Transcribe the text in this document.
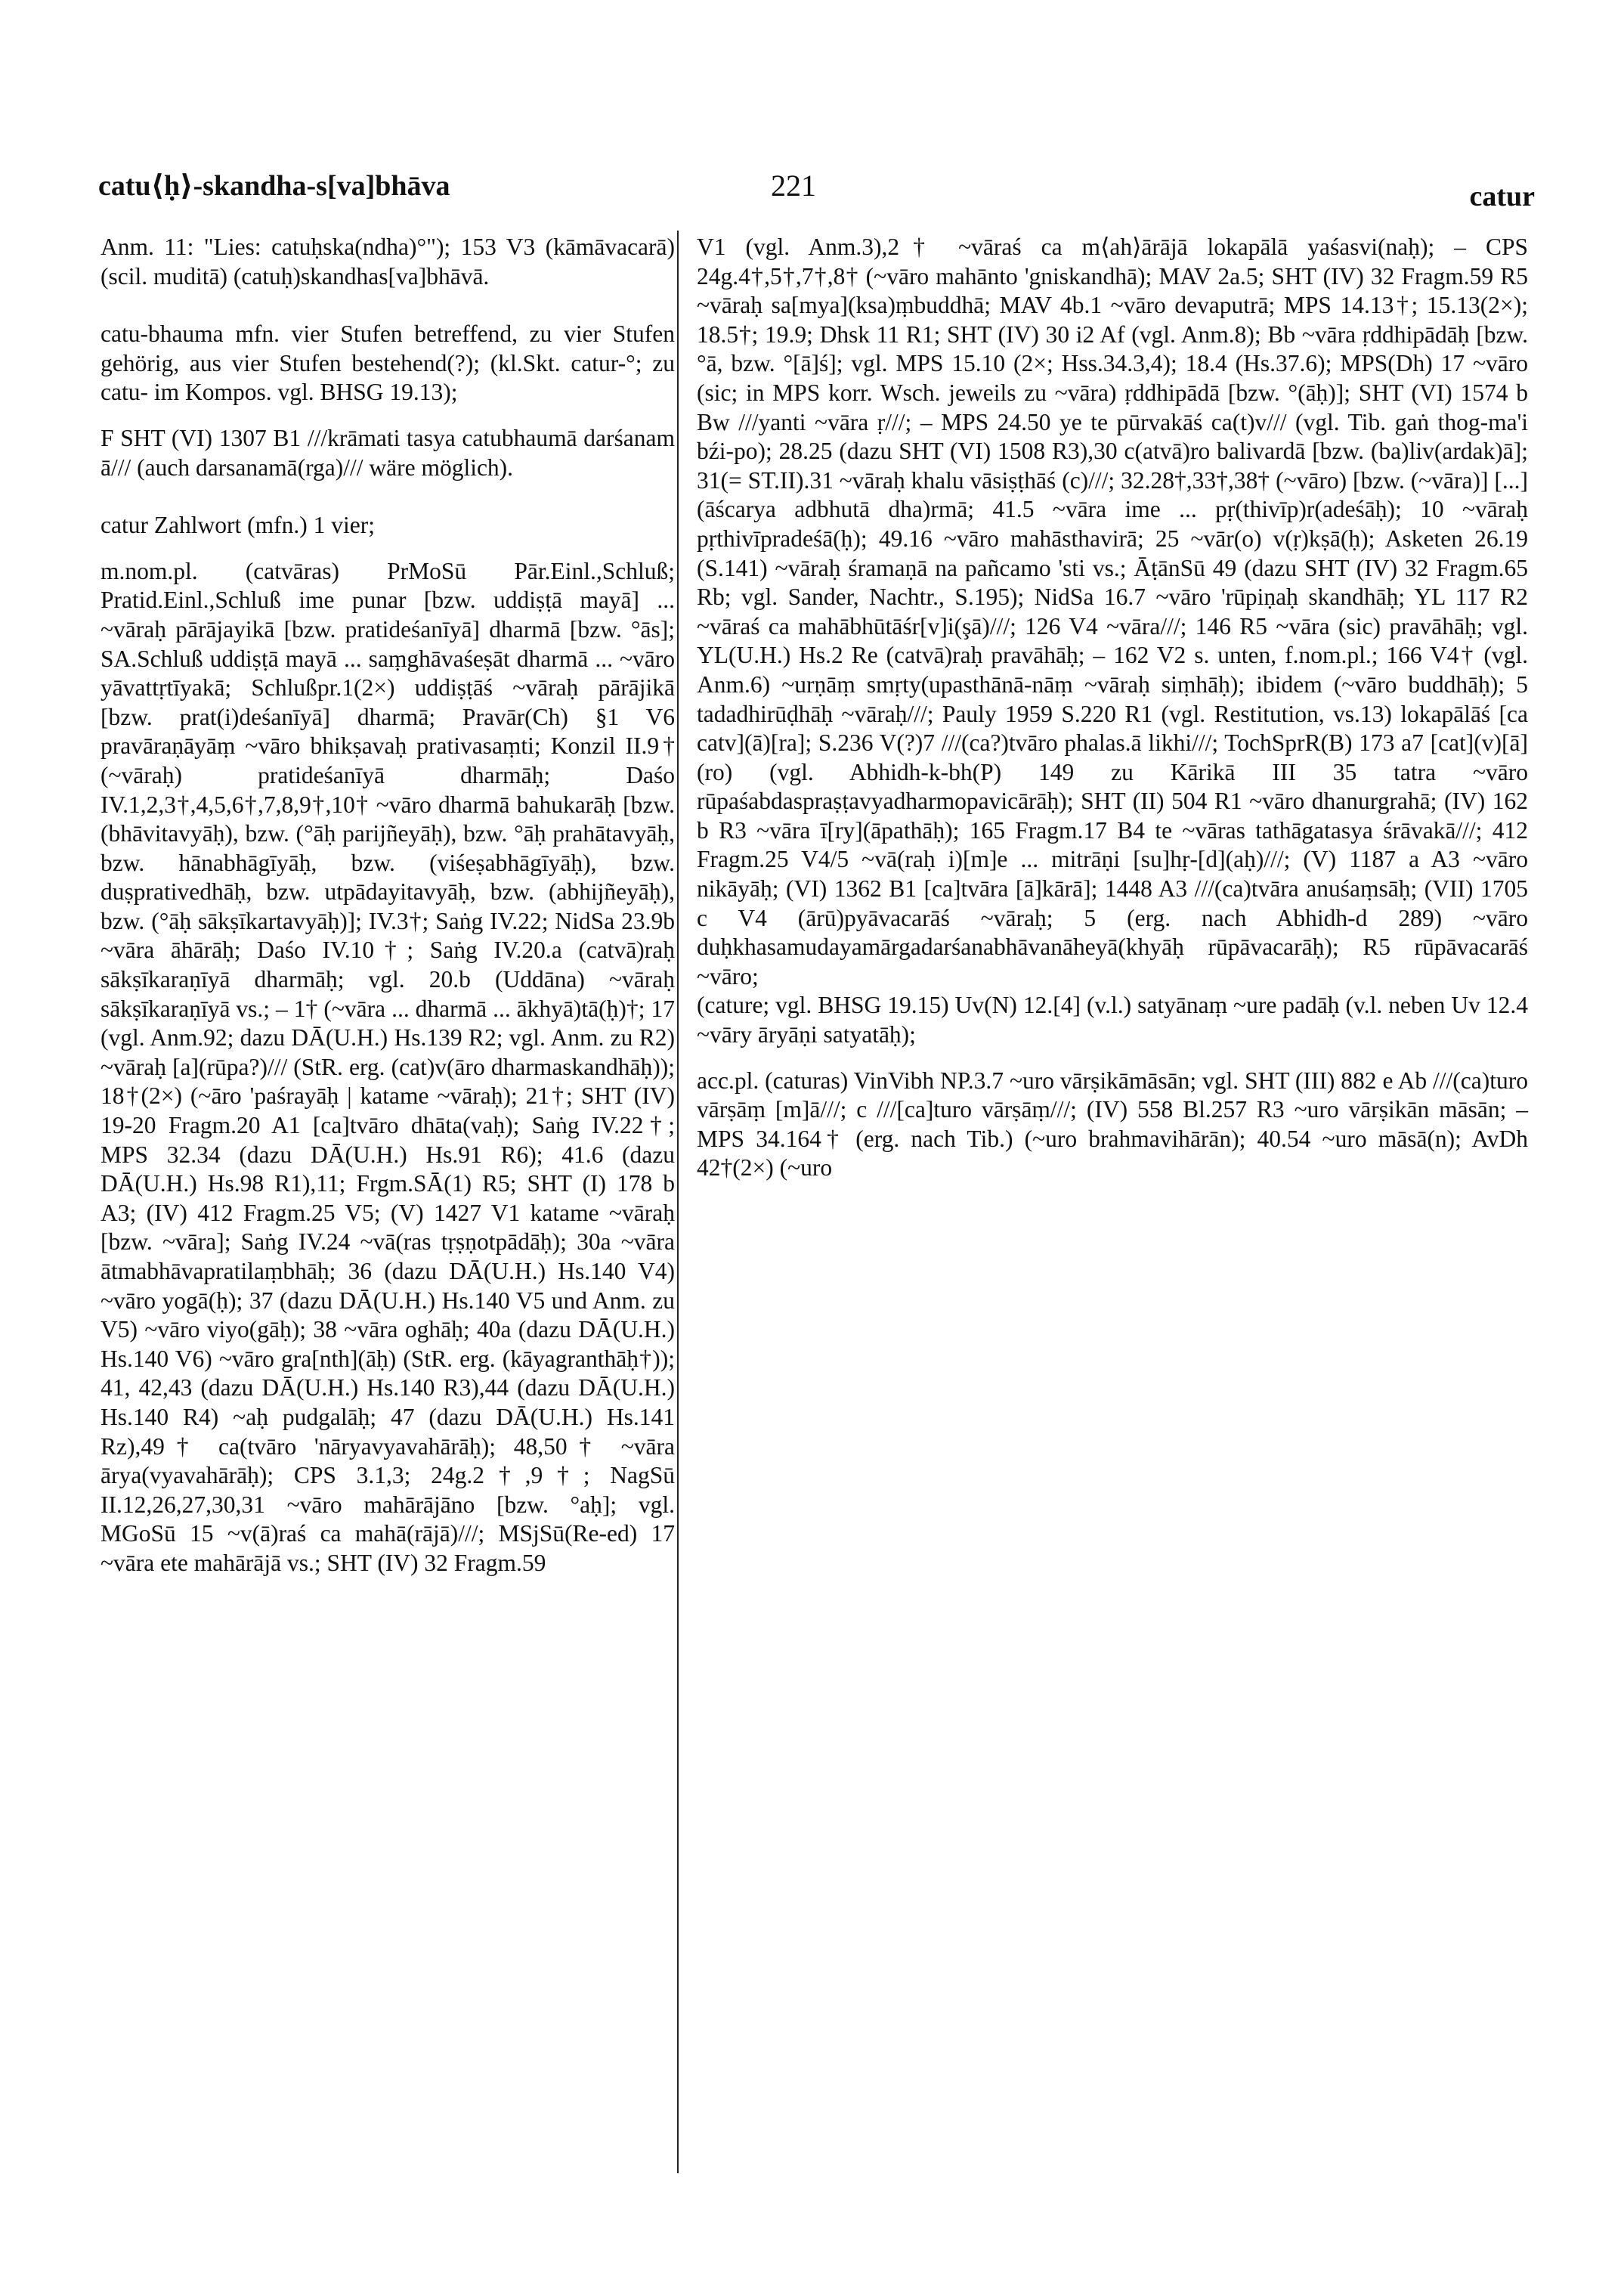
catu⟨ḥ⟩-skandha-s[va]bhāva	221	catur

Anm. 11: "Lies: catuḥska(ndha)°"); 153 V3 (kāmāvacarā) (scil. muditā) (catuḥ)skandhas[va]bhāvā.

catu-bhauma mfn. vier Stufen betreffend, zu vier Stufen gehörig, aus vier Stufen bestehend(?); (kl.Skt. catur-°; zu catu- im Kompos. vgl. BHSG 19.13);

F SHT (VI) 1307 B1 ///krāmati tasya catubhaumā darśanam ā/// (auch darsanamā(rga)/// wäre möglich).

catur Zahlwort (mfn.) 1 vier;

m.nom.pl. (catvāras) PrMoSū Pār.Einl.,Schluß; Pratid.Einl.,Schluß ime punar [bzw. uddiṣṭā mayā] ... ~vāraḥ pārājayikā [bzw. pratideśanīyā] dharmā [bzw. °ās]; SA.Schluß uddiṣṭā mayā ... saṃghāvaśeṣāt dharmā ... ~vāro yāvattṛtīyakā; Schlußpr.1(2×) uddiṣṭāś ~vāraḥ pārājikā [bzw. prat(i)deśanīyā] dharmā; Pravār(Ch) §1 V6 pravāraṇāyāṃ ~vāro bhikṣavaḥ prativasaṃti; Konzil II.9† (~vāraḥ) pratideśanīyā dharmāḥ; Daśo IV.1,2,3†,4,5,6†,7,8,9†,10† ~vāro dharmā bahukarāḥ [bzw. (bhāvitavyāḥ), bzw. (°āḥ parijñeyāḥ), bzw. °āḥ prahātavyāḥ, bzw. hānabhāgīyāḥ, bzw. (viśeṣabhāgīyāḥ), bzw. duṣprativedhāḥ, bzw. utpādayitavyāḥ, bzw. (abhijñeyāḥ), bzw. (°āḥ sākṣīkartavyāḥ)]; IV.3†; Saṅg IV.22; NidSa 23.9b ~vāra āhārāḥ; Daśo IV.10†; Saṅg IV.20.a (catvā)raḥ sākṣīkaraṇīyā dharmāḥ; vgl. 20.b (Uddāna) ~vāraḥ sākṣīkaraṇīyā vs.; – 1† (~vāra ... dharmā ... ākhyā)tā(ḥ)†; 17 (vgl. Anm.92; dazu DĀ(U.H.) Hs.139 R2; vgl. Anm. zu R2) ~vāraḥ [a](rūpa?)/// (StR. erg. (cat)v(āro dharmaskandhāḥ)); 18†(2×) (~āro 'paśrayāḥ | katame ~vāraḥ); 21†; SHT (IV) 19-20 Fragm.20 A1 [ca]tvāro dhāta(vaḥ); Saṅg IV.22†; MPS 32.34 (dazu DĀ(U.H.) Hs.91 R6); 41.6 (dazu DĀ(U.H.) Hs.98 R1),11; Frgm.SĀ(1) R5; SHT (I) 178 b A3; (IV) 412 Fragm.25 V5; (V) 1427 V1 katame ~vāraḥ [bzw. ~vāra]; Saṅg IV.24 ~vā(ras tṛṣṇotpādāḥ); 30a ~vāra ātmabhāvapratilaṃbhāḥ; 36 (dazu DĀ(U.H.) Hs.140 V4) ~vāro yogā(ḥ); 37 (dazu DĀ(U.H.) Hs.140 V5 und Anm. zu V5) ~vāro viyo(gāḥ); 38 ~vāra oghāḥ; 40a (dazu DĀ(U.H.) Hs.140 V6) ~vāro gra[nth](āḥ) (StR. erg. (kāyagranthāḥ†)); 41, 42,43 (dazu DĀ(U.H.) Hs.140 R3),44 (dazu DĀ(U.H.) Hs.140 R4) ~aḥ pudgalāḥ; 47 (dazu DĀ(U.H.) Hs.141 Rz),49† ca(tvāro 'nāryavyavahārāḥ); 48,50† ~vāra ārya(vyavahārāḥ); CPS 3.1,3; 24g.2†,9†; NagSū II.12,26,27,30,31 ~vāro mahārājāno [bzw. °aḥ]; vgl. MGoSū 15 ~v(ā)raś ca mahā(rājā)///; MSjSū(Re-ed) 17 ~vāra ete mahārājā vs.; SHT (IV) 32 Fragm.59

V1 (vgl. Anm.3),2† ~vāraś ca m⟨ah⟩ārājā lokapālā yaśasvi(naḥ); – CPS 24g.4†,5†,7†,8† (~vāro mahānto 'gniskandhā); MAV 2a.5; SHT (IV) 32 Fragm.59 R5 ~vāraḥ sa[mya](ksa)ṃbuddhā; MAV 4b.1 ~vāro devaputrā; MPS 14.13†; 15.13(2×); 18.5†; 19.9; Dhsk 11 R1; SHT (IV) 30 i2 Af (vgl. Anm.8); Bb ~vāra ṛddhipādāḥ [bzw. °ā, bzw. °[ā]ś]; vgl. MPS 15.10 (2×; Hss.34.3,4); 18.4 (Hs.37.6); MPS(Dh) 17 ~vāro (sic; in MPS korr. Wsch. jeweils zu ~vāra) ṛddhipādā [bzw. °(āḥ)]; SHT (VI) 1574 b Bw ///yanti ~vāra ṛ///; – MPS 24.50 ye te pūrvakāś ca(t)v/// (vgl. Tib. gaṅ thog-ma'i bźi-po); 28.25 (dazu SHT (VI) 1508 R3),30 c(atvā)ro balivardā [bzw. (ba)liv(ardak)ā]; 31(= ST.II).31 ~vāraḥ khalu vāsiṣṭhāś (c)///; 32.28†,33†,38† (~vāro) [bzw. (~vāra)] [...] (āścarya adbhutā dha)rmā; 41.5 ~vāra ime ... pṛ(thivīp)r(adeśāḥ); 10 ~vāraḥ pṛthivīpradeśā(ḥ); 49.16 ~vāro mahāsthavirā; 25 ~vār(o) v(ṛ)kṣā(ḥ); Asketen 26.19 (S.141) ~vāraḥ śramaṇā na pañcamo 'sti vs.; ĀṭānSū 49 (dazu SHT (IV) 32 Fragm.65 Rb; vgl. Sander, Nachtr., S.195); NidSa 16.7 ~vāro 'rūpiṇaḥ skandhāḥ; YL 117 R2 ~vāraś ca mahābhūtāśr[v]i(şā)///; 126 V4 ~vāra///; 146 R5 ~vāra (sic) pravāhāḥ; vgl. YL(U.H.) Hs.2 Re (catvā)raḥ pravāhāḥ; – 162 V2 s. unten, f.nom.pl.; 166 V4† (vgl. Anm.6) ~urṇāṃ smṛty(upasthānā-nāṃ ~vāraḥ siṃhāḥ); ibidem (~vāro buddhāḥ); 5 tadadhirūḍhāḥ ~vāraḥ///; Pauly 1959 S.220 R1 (vgl. Restitution, vs.13) lokapālāś [ca catv](ā)[ra]; S.236 V(?)7 ///(ca?)tvāro phalas.ā likhi///; TochSprR(B) 173 a7 [cat](v)[ā](ro) (vgl. Abhidh-k-bh(P) 149 zu Kārikā III 35 tatra ~vāro rūpaśabdaspraṣṭavyadharmopavicārāḥ); SHT (II) 504 R1 ~vāro dhanurgrahā; (IV) 162 b R3 ~vāra ī[ry](āpathāḥ); 165 Fragm.17 B4 te ~vāras tathāgatasya śrāvakā///; 412 Fragm.25 V4/5 ~vā(raḥ i)[m]e ... mitrāṇi [su]hṛ-[d](aḥ)///; (V) 1187 a A3 ~vāro nikāyāḥ; (VI) 1362 B1 [ca]tvāra [ā]kārā]; 1448 A3 ///(ca)tvāra anuśaṃsāḥ; (VII) 1705 c V4 (ārū)pyāvacarāś ~vāraḥ; 5 (erg. nach Abhidh-d 289) ~vāro duḥkhasamudayamārgadarśanabhāvanāheyā(khyāḥ rūpāvacarāḥ); R5 rūpāvacarāś ~vāro;

(cature; vgl. BHSG 19.15) Uv(N) 12.[4] (v.l.) satyānaṃ ~ure padāḥ (v.l. neben Uv 12.4 ~vāry āryāṇi satyatāḥ);

acc.pl. (caturas) VinVibh NP.3.7 ~uro vārṣikāmāsān; vgl. SHT (III) 882 e Ab ///(ca)turo vārṣāṃ [m]ā///; c ///[ca]turo vārṣāṃ///; (IV) 558 Bl.257 R3 ~uro vārṣikān māsān; – MPS 34.164† (erg. nach Tib.) (~uro brahmavihārān); 40.54 ~uro māsā(n); AvDh 42†(2×) (~uro
